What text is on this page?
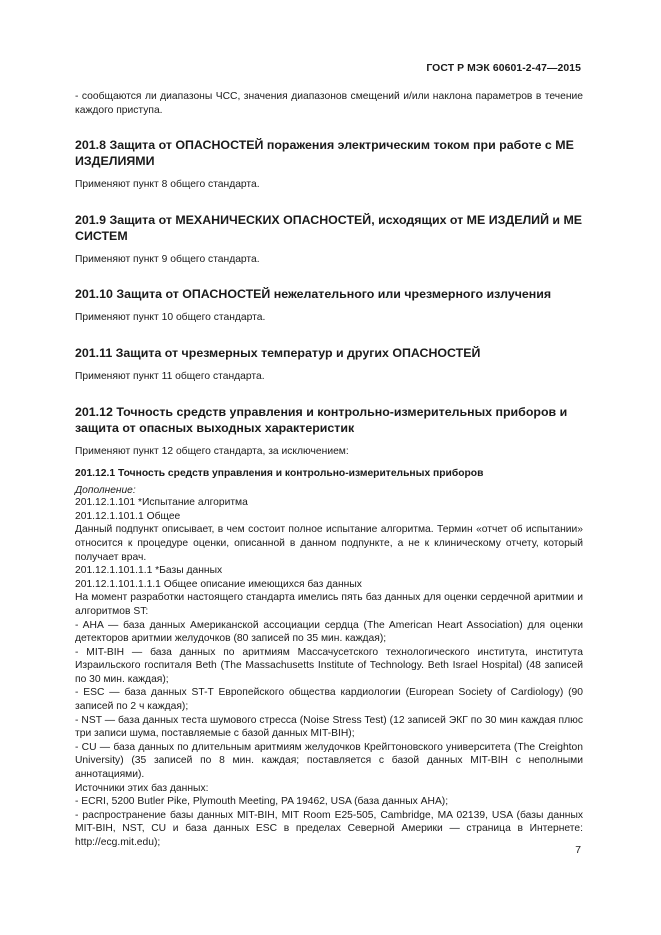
ГОСТ Р МЭК 60601-2-47—2015

- сообщаются ли диапазоны ЧСС, значения диапазонов смещений и/или наклона параметров в течение каждого приступа.

201.8 Защита от ОПАСНОСТЕЙ поражения электрическим током при работе с МЕ ИЗДЕЛИЯМИ

Применяют пункт 8 общего стандарта.

201.9 Защита от МЕХАНИЧЕСКИХ ОПАСНОСТЕЙ, исходящих от МЕ ИЗДЕЛИЙ и МЕ СИСТЕМ

Применяют пункт 9 общего стандарта.

201.10 Защита от ОПАСНОСТЕЙ нежелательного или чрезмерного излучения

Применяют пункт 10 общего стандарта.

201.11 Защита от чрезмерных температур и других ОПАСНОСТЕЙ

Применяют пункт 11 общего стандарта.

201.12 Точность средств управления и контрольно-измерительных приборов и защита от опасных выходных характеристик

Применяют пункт 12 общего стандарта, за исключением:

201.12.1 Точность средств управления и контрольно-измерительных приборов

Дополнение:

201.12.1.101 *Испытание алгоритма

201.12.1.101.1 Общее

Данный подпункт описывает, в чем состоит полное испытание алгоритма. Термин «отчет об испытании» относится к процедуре оценки, описанной в данном подпункте, а не к клиническому отчету, который получает врач.

201.12.1.101.1.1 *Базы данных

201.12.1.101.1.1.1 Общее описание имеющихся баз данных

На момент разработки настоящего стандарта имелись пять баз данных для оценки сердечной аритмии и алгоритмов ST:

- AHA — база данных Американской ассоциации сердца (The American Heart Association) для оценки детекторов аритмии желудочков (80 записей по 35 мин. каждая);

- MIT-BIH — база данных по аритмиям Массачусетского технологического института, института Израильского госпиталя Beth (The Massachusetts Institute of Technology. Beth Israel Hospital) (48 записей по 30 мин. каждая);

- ESC — база данных ST-T Европейского общества кардиологии (European Society of Cardiology) (90 записей по 2 ч каждая);

- NST — база данных теста шумового стресса (Noise Stress Test) (12 записей ЭКГ по 30 мин каждая плюс три записи шума, поставляемые с базой данных MIT-BIH);

- CU — база данных по длительным аритмиям желудочков Крейгтоновского университета (The Creighton University) (35 записей по 8 мин. каждая; поставляется с базой данных MIT-BIH с неполными аннотациями).

Источники этих баз данных:

- ECRI, 5200 Butler Pike, Plymouth Meeting, PA 19462, USA (база данных AHA);

- распространение базы данных MIT-BIH, MIT Room E25-505, Cambridge, MA 02139, USA (базы данных MIT-BIH, NST, CU и база данных ESC в пределах Северной Америки — страница в Интернете: http://ecg.mit.edu);

7
